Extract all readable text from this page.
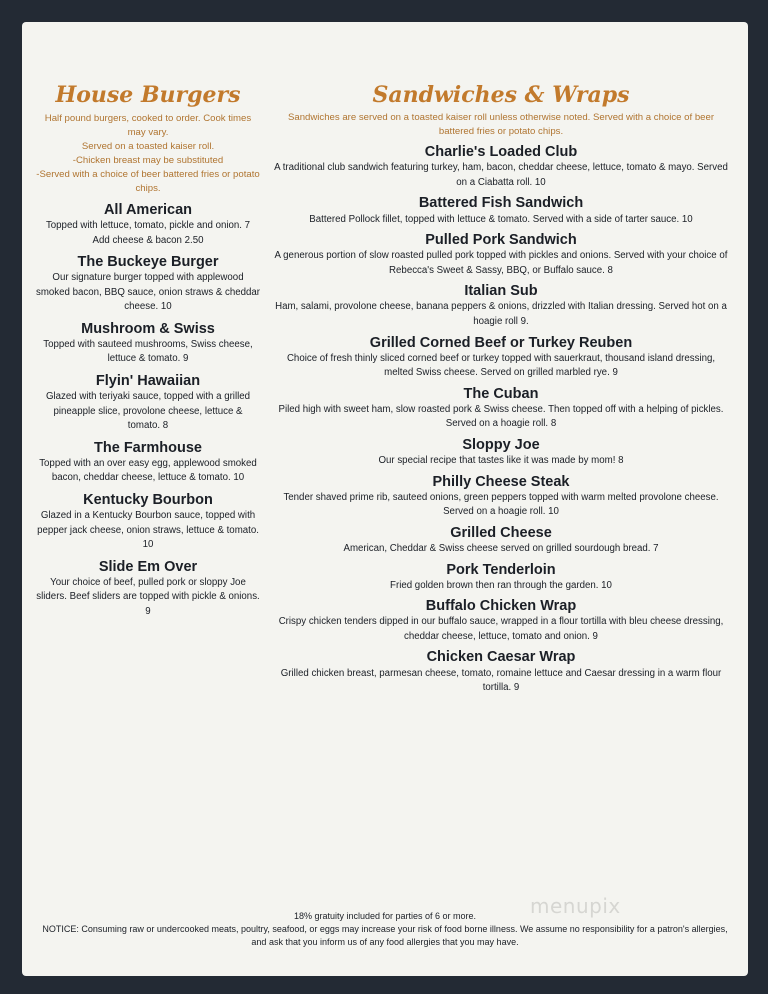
House Burgers
Half pound burgers, cooked to order. Cook times may vary.
Served on a toasted kaiser roll.
-Chicken breast may be substituted
-Served with a choice of beer battered fries or potato chips.
All American

Topped with lettuce, tomato, pickle and onion. 7

Add cheese & bacon 2.50

The Buckeye Burger

Our signature burger topped with applewood smoked bacon, BBQ sauce, onion straws & cheddar cheese. 10

Mushroom & Swiss

Topped with sauteed mushrooms, Swiss cheese, lettuce & tomato. 9

Flyin' Hawaiian

Glazed with teriyaki sauce, topped with a grilled pineapple slice, provolone cheese, lettuce & tomato. 8

The Farmhouse

Topped with an over easy egg, applewood smoked bacon, cheddar cheese, lettuce & tomato. 10

Kentucky Bourbon

Glazed in a Kentucky Bourbon sauce, topped with pepper jack cheese, onion straws, lettuce & tomato. 10

Slide Em Over

Your choice of beef, pulled pork or sloppy Joe sliders. Beef sliders are topped with pickle & onions. 9

Sandwiches & Wraps

Sandwiches are served on a toasted kaiser roll unless otherwise noted. Served with a choice of beer battered fries or potato chips.

Charlie's Loaded Club

A traditional club sandwich featuring turkey, ham, bacon, cheddar cheese, lettuce, tomato & mayo. Served on a Ciabatta roll. 10

Battered Fish Sandwich

Battered Pollock fillet, topped with lettuce & tomato. Served with a side of tarter sauce. 10

Pulled Pork Sandwich

A generous portion of slow roasted pulled pork topped with pickles and onions. Served with your choice of Rebecca's Sweet & Sassy, BBQ, or Buffalo sauce. 8

Italian Sub

Ham, salami, provolone cheese, banana peppers & onions, drizzled with Italian dressing. Served hot on a hoagie roll 9.

Grilled Corned Beef or Turkey Reuben

Choice of fresh thinly sliced corned beef or turkey topped with sauerkraut, thousand island dressing, melted Swiss cheese. Served on grilled marbled rye. 9

The Cuban

Piled high with sweet ham, slow roasted pork & Swiss cheese. Then topped off with a helping of pickles. Served on a hoagie roll. 8

Sloppy Joe

Our special recipe that tastes like it was made by mom! 8

Philly Cheese Steak

Tender shaved prime rib, sauteed onions, green peppers topped with warm melted provolone cheese. Served on a hoagie roll. 10

Grilled Cheese

American, Cheddar & Swiss cheese served on grilled sourdough bread. 7

Pork Tenderloin

Fried golden brown then ran through the garden. 10

Buffalo Chicken Wrap

Crispy chicken tenders dipped in our buffalo sauce, wrapped in a flour tortilla with bleu cheese dressing, cheddar cheese, lettuce, tomato and onion. 9

Chicken Caesar Wrap

Grilled chicken breast, parmesan cheese, tomato, romaine lettuce and Caesar dressing in a warm flour tortilla. 9

menupix
18% gratuity included for parties of 6 or more.
NOTICE: Consuming raw or undercooked meats, poultry, seafood, or eggs may increase your risk of food borne illness. We assume no responsibility for a patron's allergies, and ask that you inform us of any food allergies that you may have.
